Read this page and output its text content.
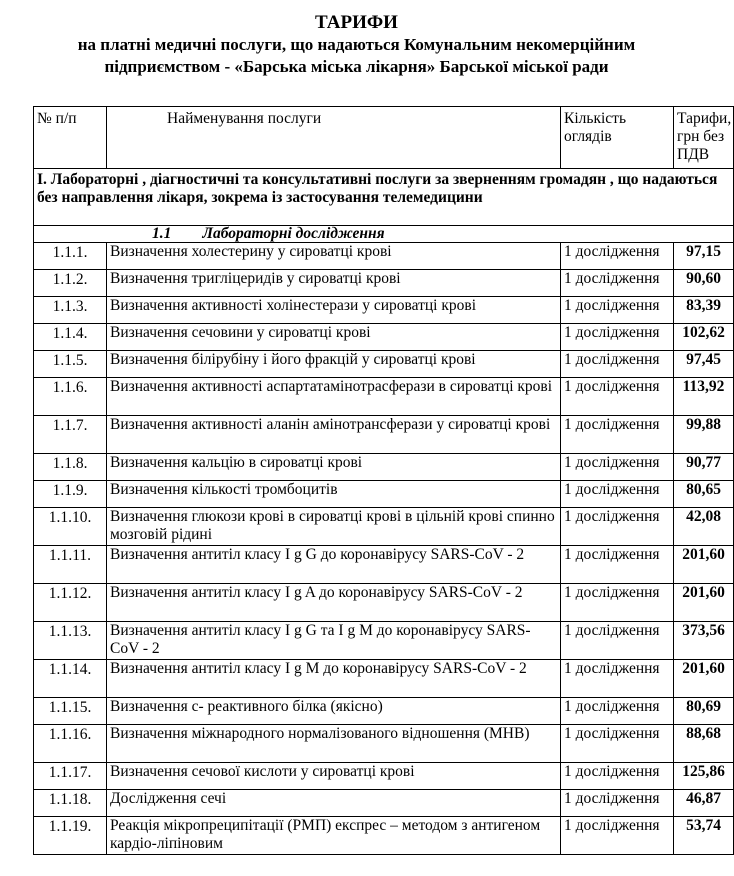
ТАРИФИ
на платні медичні послуги, що надаються Комунальним некомерційним
підприємством - «Барська міська лікарня» Барської міської ради
№ п/п	Найменування послуги	Кількість оглядів	Тарифи, грн без ПДВ
І. Лабораторні , діагностичні та консультативні послуги за зверненням громадян , що надаються без направлення лікаря, зокрема із застосування телемедицини			
1.1 Лабораторні дослідження			
1.1.1.	Визначення холестерину у сироватці крові	1 дослідження	97,15
1.1.2.	Визначення тригліцеридів у сироватці крові	1 дослідження	90,60
1.1.3.	Визначення активності холінестерази у сироватці крові	1 дослідження	83,39
1.1.4.	Визначення сечовини у сироватці крові	1 дослідження	102,62
1.1.5.	Визначення білірубіну і його фракцій у сироватці крові	1 дослідження	97,45
1.1.6.	Визначення активності аспартатамінотрасферази в сироватці крові	1 дослідження	113,92
1.1.7.	Визначення активності аланін амінотрансферази у сироватці крові	1 дослідження	99,88
1.1.8.	Визначення кальцію в сироватці крові	1 дослідження	90,77
1.1.9.	Визначення кількості тромбоцитів	1 дослідження	80,65
1.1.10.	Визначення глюкози крові в сироватці крові в цільній крові спинно мозговій рідині	1 дослідження	42,08
1.1.11.	Визначення антитіл класу I g G до коронавірусу SARS-CoV - 2	1 дослідження	201,60
1.1.12.	Визначення антитіл класу I g A до коронавірусу SARS-CoV - 2	1 дослідження	201,60
1.1.13.	Визначення антитіл класу I g G та I g M до коронавірусу SARS- CoV - 2	1 дослідження	373,56
1.1.14.	Визначення антитіл класу I g M до коронавірусу SARS-CoV - 2	1 дослідження	201,60
1.1.15.	Визначення с- реактивного білка (якісно)	1 дослідження	80,69
1.1.16.	Визначення міжнародного нормалізованого відношення (МНВ)	1 дослідження	88,68
1.1.17.	Визначення сечової кислоти у сироватці крові	1 дослідження	125,86
1.1.18.	Дослідження сечі	1 дослідження	46,87
1.1.19.	Реакція мікропреципітації (РМП) експрес – методом з антигеном кардіо-ліпіновим	1 дослідження	53,74
